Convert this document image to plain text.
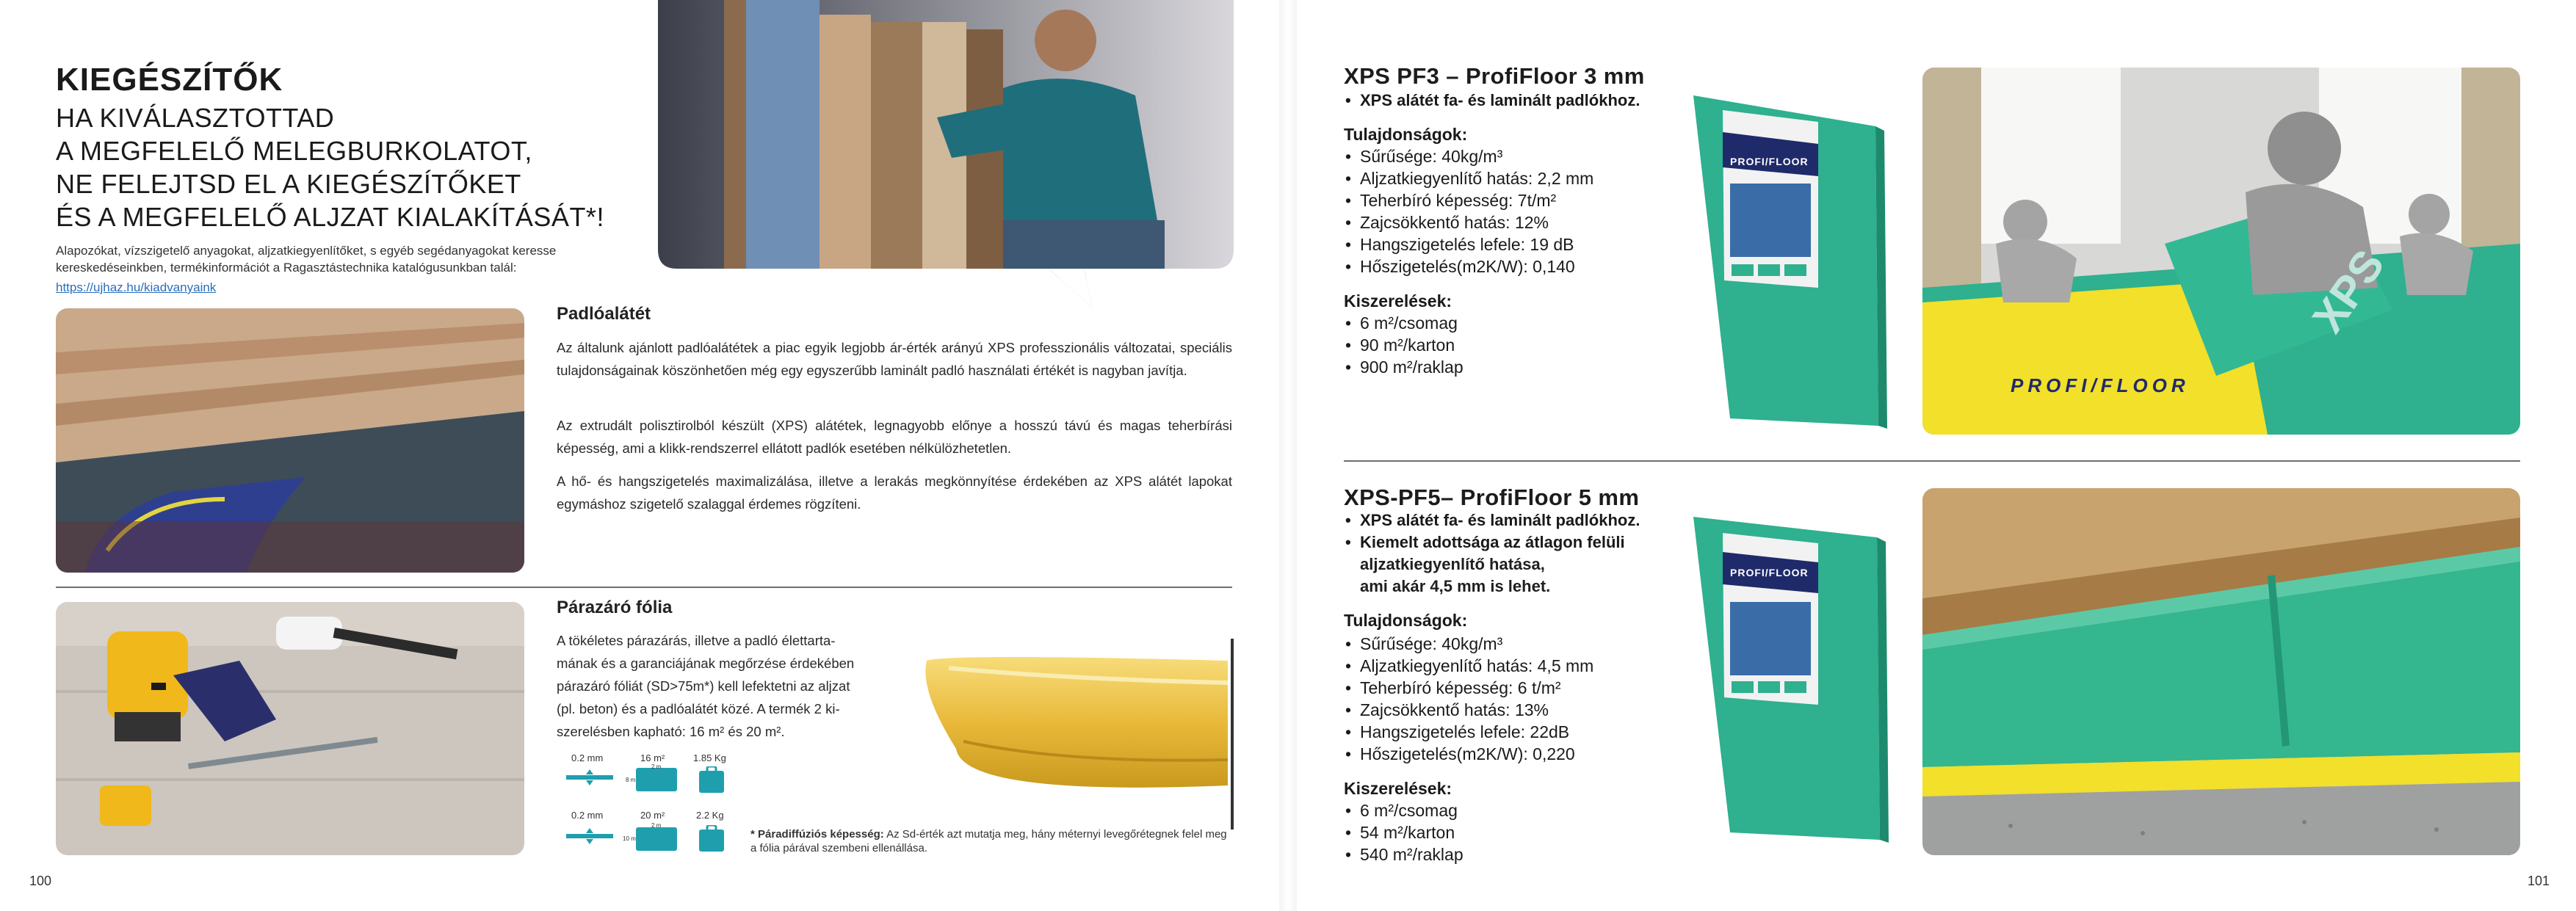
KIEGÉSZÍTŐK
HA KIVÁLASZTOTTAD
A MEGFELELŐ MELEGBURKOLATOT,
NE FELEJTSD EL A KIEGÉSZÍTŐKET
ÉS A MEGFELELŐ ALJZAT KIALAKÍTÁSÁT*!
Alapozókat, vízszigetelő anyagokat, aljzatkiegyenlítőket, s egyéb segédanyagokat keresse
kereskedéseinkben, termékinformációt a Ragasztástechnika katalógusunkban talál:
https://ujhaz.hu/kiadvanyaink
Padlóalátét
Az általunk ajánlott padlóalátétek a piac egyik legjobb ár-érték arányú XPS professzionális változatai, speciális tulajdonságainak köszönhetően még egy egyszerűbb laminált padló használati értékét is nagyban javítja.
Az extrudált polisztirolból készült (XPS) alátétek, legnagyobb előnye a hosszú távú és magas teherbírási képesség, ami a klikk-rendszerrel ellátott padlók esetében nélkülözhetetlen.
A hő- és hangszigetelés maximalizálása, illetve a lerakás megkönnyítése érdekében az XPS alátét lapokat egymáshoz szigetelő szalaggal érdemes rögzíteni.
Párazáró fólia
A tökéletes párazárás, illetve a padló élettarta-
mának és a garanciájának megőrzése érdekében
párazáró fóliát (SD>75m*) kell lefektetni az aljzat
(pl. beton) és a padlóalátét közé. A termék 2 ki-
szerelésben kapható: 16 m² és 20 m².
0.2 mm	16 m²
2 m
8 m
1.85 Kg
0.2 mm	20 m²
2 m
10 m
2.2 Kg
* Páradiffúziós képesség: Az Sd-érték azt mutatja meg, hány méternyi levegőrétegnek felel meg
a fólia párával szembeni ellenállása.
100
XPS PF3 – ProfiFloor 3 mm
• XPS alátét fa- és laminált padlókhoz.
Tulajdonságok:
• Sűrűsége: 40kg/m³
• Aljzatkiegyenlítő hatás: 2,2 mm
• Teherbíró képesség: 7t/m²
• Zajcsökkentő hatás: 12%
• Hangszigetelés lefele: 19 dB
• Hőszigetelés(m2K/W): 0,140
Kiszerelések:
• 6 m²/csomag
• 90 m²/karton
• 900 m²/raklap
PROFI/FLOOR
XPS
PROFI/FLOOR
XPS-PF5– ProfiFloor 5 mm
• XPS alátét fa- és laminált padlókhoz.
• Kiemelt adottsága az átlagon felüli
aljzatkiegyenlítő hatása,
ami akár 4,5 mm is lehet.
Tulajdonságok:
• Sűrűsége: 40kg/m³
• Aljzatkiegyenlítő hatás: 4,5 mm
• Teherbíró képesség: 6 t/m²
• Zajcsökkentő hatás: 13%
• Hangszigetelés lefele: 22dB
• Hőszigetelés(m2K/W): 0,220
Kiszerelések:
• 6 m²/csomag
• 54 m²/karton
• 540 m²/raklap
PROFI/FLOOR
101
